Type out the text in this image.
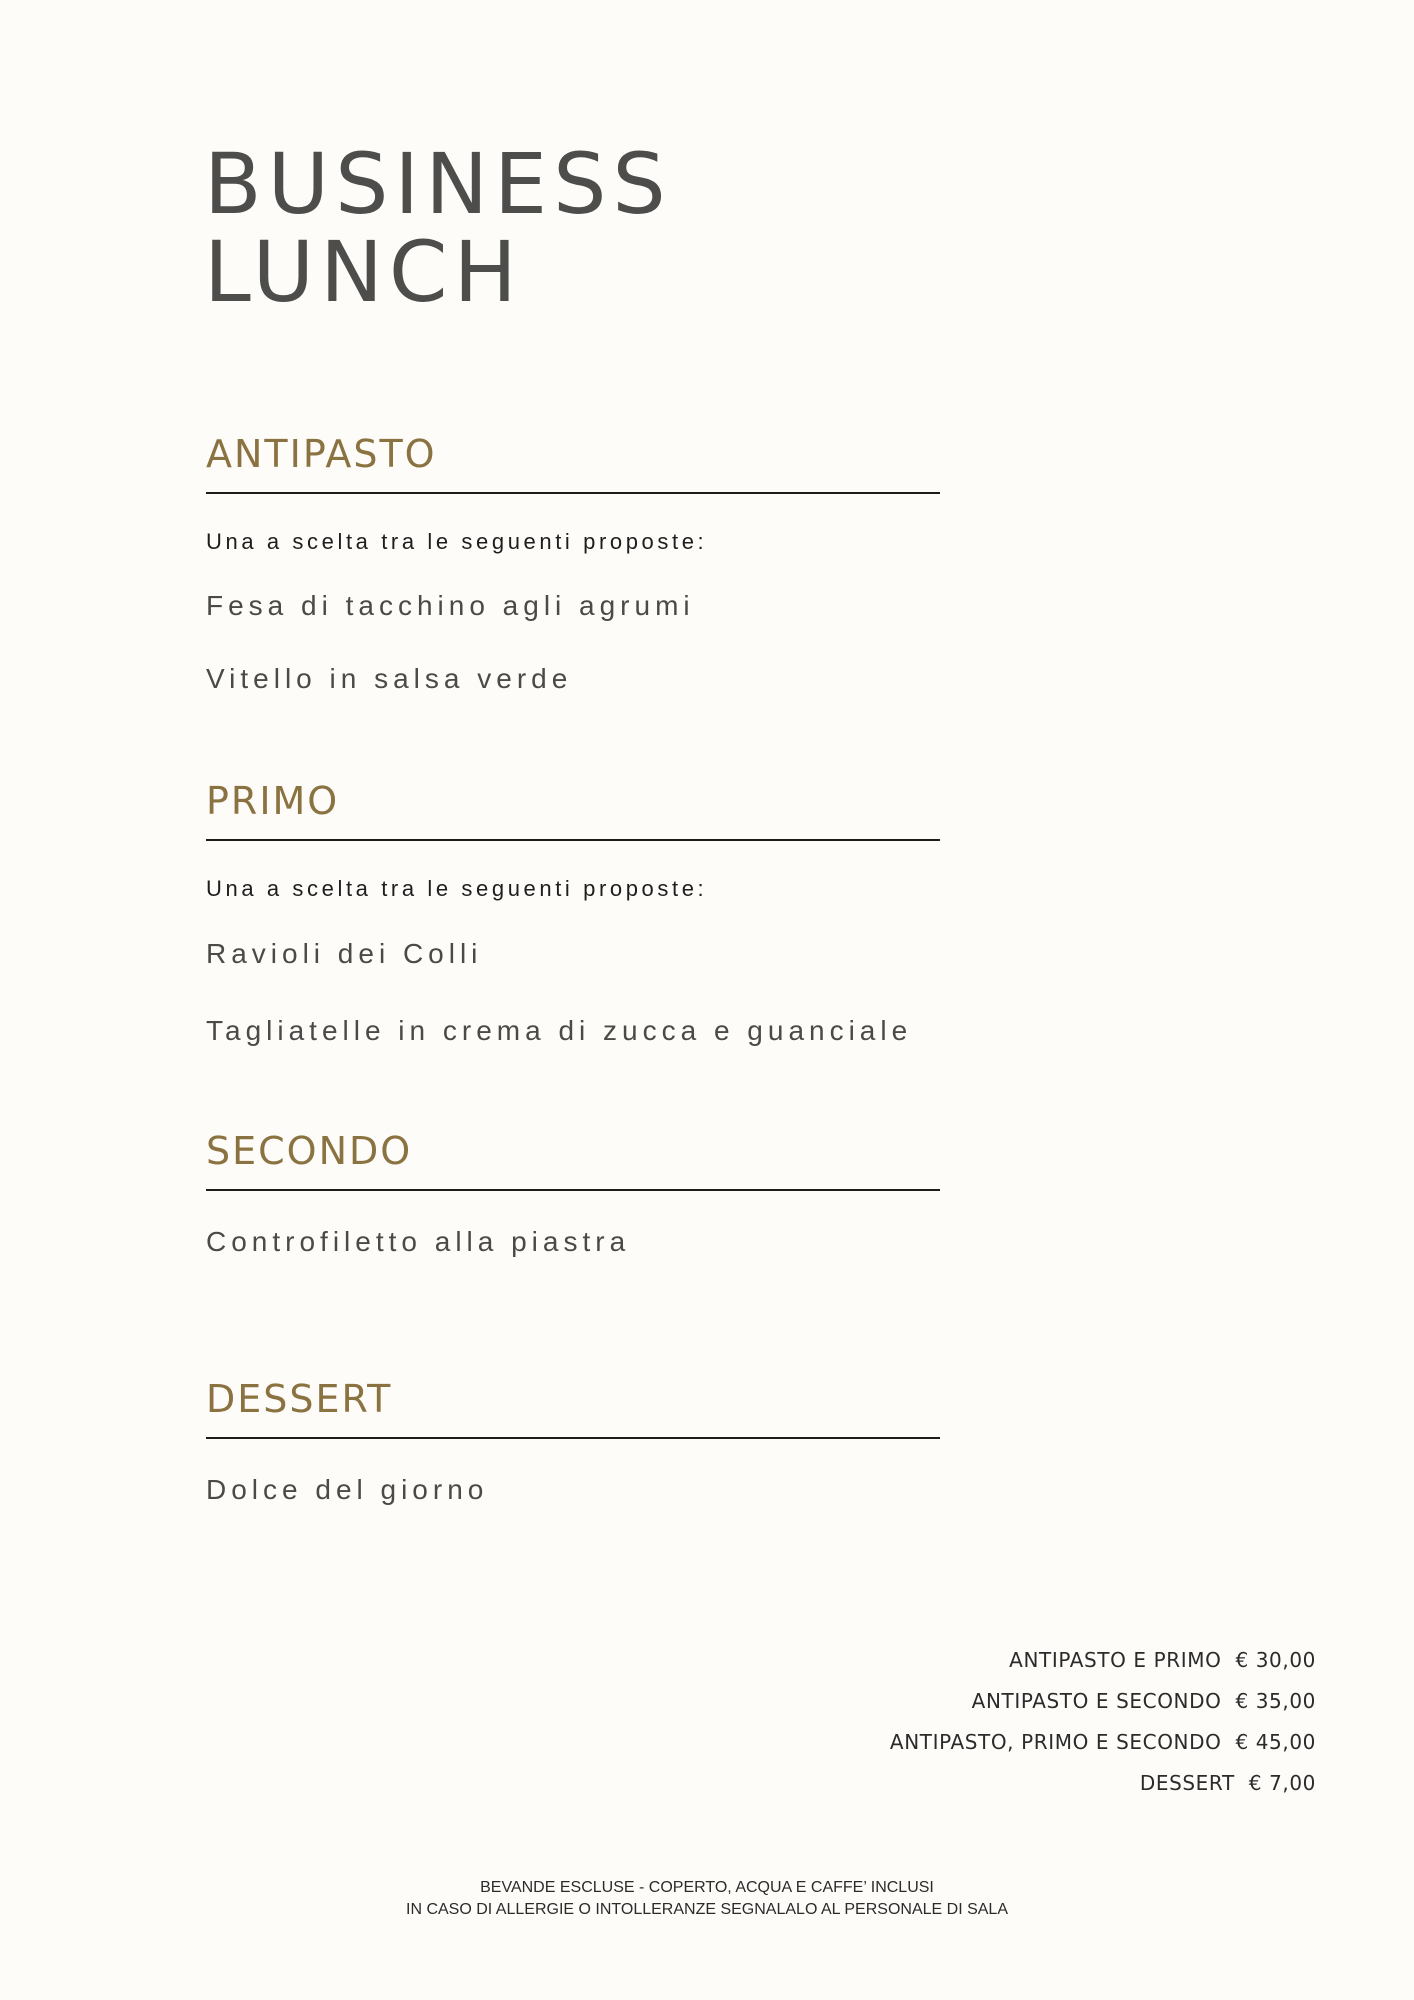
BUSINESS
LUNCH
ANTIPASTO

Una a scelta tra le seguenti proposte:

Fesa di tacchino agli agrumi

Vitello in salsa verde

PRIMO

Una a scelta tra le seguenti proposte:

Ravioli dei Colli

Tagliatelle in crema di zucca e guanciale

SECONDO

Controfiletto alla piastra

DESSERT

Dolce del giorno

ANTIPASTO E PRIMO € 30,00
ANTIPASTO E SECONDO € 35,00
ANTIPASTO, PRIMO E SECONDO € 45,00
DESSERT € 7,00
BEVANDE ESCLUSE - COPERTO, ACQUA E CAFFE’ INCLUSI
IN CASO DI ALLERGIE O INTOLLERANZE SEGNALALO AL PERSONALE DI SALA
